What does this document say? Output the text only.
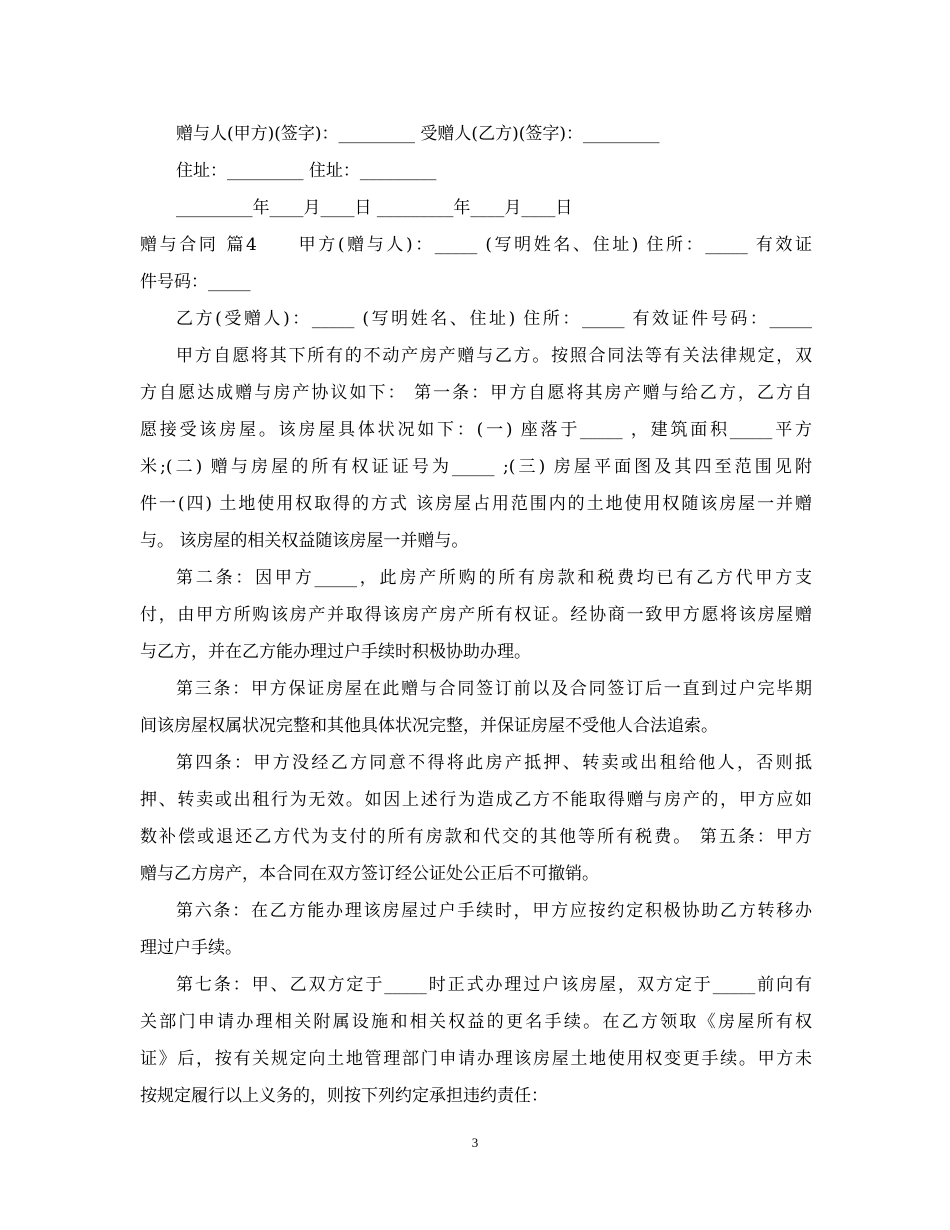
赠与人(甲方)(签字)：_________ 受赠人(乙方)(签字)：_________
住址：_________ 住址：_________
_________年____月____日 _________年____月____日
赠与合同 篇4　　甲方(赠与人)：_____ (写明姓名、住址) 住所：_____ 有效证
件号码：_____
乙方(受赠人)：_____ (写明姓名、住址) 住所：_____ 有效证件号码：_____
甲方自愿将其下所有的不动产房产赠与乙方。按照合同法等有关法律规定，双
方自愿达成赠与房产协议如下： 第一条：甲方自愿将其房产赠与给乙方，乙方自
愿接受该房屋。该房屋具体状况如下：(一) 座落于_____ ，建筑面积_____平方
米;(二) 赠与房屋的所有权证证号为_____ ;(三) 房屋平面图及其四至范围见附
件一(四) 土地使用权取得的方式 该房屋占用范围内的土地使用权随该房屋一并赠
与。 该房屋的相关权益随该房屋一并赠与。
第二条：因甲方_____，此房产所购的所有房款和税费均已有乙方代甲方支
付，由甲方所购该房产并取得该房产房产所有权证。经协商一致甲方愿将该房屋赠
与乙方，并在乙方能办理过户手续时积极协助办理。
第三条：甲方保证房屋在此赠与合同签订前以及合同签订后一直到过户完毕期
间该房屋权属状况完整和其他具体状况完整，并保证房屋不受他人合法追索。
第四条：甲方没经乙方同意不得将此房产抵押、转卖或出租给他人，否则抵
押、转卖或出租行为无效。如因上述行为造成乙方不能取得赠与房产的，甲方应如
数补偿或退还乙方代为支付的所有房款和代交的其他等所有税费。 第五条：甲方
赠与乙方房产，本合同在双方签订经公证处公正后不可撤销。
第六条：在乙方能办理该房屋过户手续时，甲方应按约定积极协助乙方转移办
理过户手续。
第七条：甲、乙双方定于_____时正式办理过户该房屋，双方定于_____前向有
关部门申请办理相关附属设施和相关权益的更名手续。在乙方领取《房屋所有权
证》后，按有关规定向土地管理部门申请办理该房屋土地使用权变更手续。甲方未
按规定履行以上义务的，则按下列约定承担违约责任：
3
